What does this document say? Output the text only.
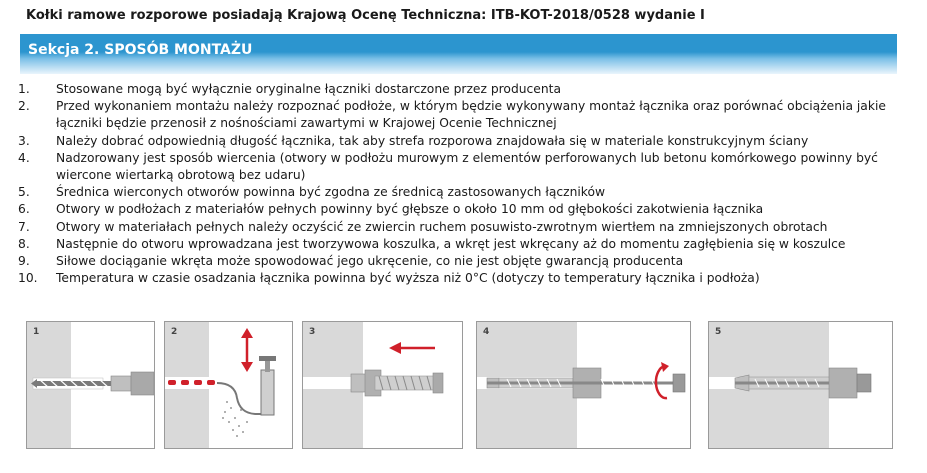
Kołki ramowe rozporowe posiadają Krajową Ocenę Techniczna: ITB-KOT-2018/0528 wydanie I
Sekcja 2. SPOSÓB MONTAŻU
1. Stosowane mogą być wyłącznie oryginalne łączniki dostarczone przez producenta
2. Przed wykonaniem montażu należy rozpoznać podłoże, w którym będzie wykonywany montaż łącznika oraz porównać obciążenia jakie łączniki będzie przenosił z nośnościami zawartymi w Krajowej Ocenie Technicznej
3. Należy dobrać odpowiednią długość łącznika, tak aby strefa rozporowa znajdowała się w materiale konstrukcyjnym ściany
4. Nadzorowany jest sposób wiercenia (otwory w podłożu murowym z elementów perforowanych lub betonu komórkowego powinny być wiercone wiertarką obrotową bez udaru)
5. Średnica wierconych otworów powinna być zgodna ze średnicą zastosowanych łączników
6. Otwory w podłożach z materiałów pełnych powinny być głębsze o około 10 mm od głębokości zakotwienia łącznika
7. Otwory w materiałach pełnych należy oczyścić ze zwiercin ruchem posuwisto-zwrotnym wiertłem na zmniejszonych obrotach
8. Następnie do otworu wprowadzana jest tworzywowa koszulka, a wkręt jest wkręcany aż do momentu zagłębienia się w koszulce
9. Siłowe dociąganie wkręta może spowodować jego ukręcenie, co nie jest objęte gwarancją producenta
10. Temperatura w czasie osadzania łącznika powinna być wyższa niż 0°C (dotyczy to temperatury łącznika i podłoża)
1	2	3	4	5
